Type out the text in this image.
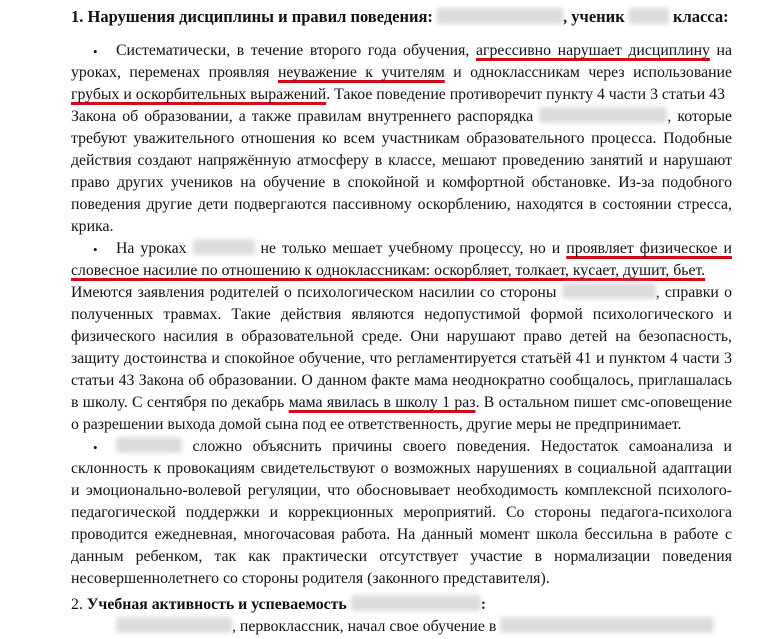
1. Нарушения дисциплины и правил поведения:	, ученик	класса:
• Систематически, в течение второго года обучения, агрессивно нарушает дисциплину на
уроках, переменах проявляя неуважение к учителям и одноклассникам через использование
грубых и оскорбительных выражений. Такое поведение противоречит пункту 4 части 3 статьи 43
Закона об образовании, а также правилам внутреннего распорядка	, которые
требуют уважительного отношения ко всем участникам образовательного процесса. Подобные
действия создают напряжённую атмосферу в классе, мешают проведению занятий и нарушают
право других учеников на обучение в спокойной и комфортной обстановке. Из-за подобного
поведения другие дети подвергаются пассивному оскорблению, находятся в состоянии стресса,
крика.
• На уроках	не только мешает учебному процессу, но и проявляет физическое и
словесное насилие по отношению к одноклассникам: оскорбляет, толкает, кусает, душит, бьет.
Имеются заявления родителей о психологическом насилии со стороны	, справки о
полученных травмах. Такие действия являются недопустимой формой психологического и
физического насилия в образовательной среде. Они нарушают право детей на безопасность,
защиту достоинства и спокойное обучение, что регламентируется статьёй 41 и пунктом 4 части 3
статьи 43 Закона об образовании. О данном факте мама неоднократно сообщалось, приглашалась
в школу. С сентября по декабрь мама явилась в школу 1 раз. В остальном пишет смс-оповещение
о разрешении выхода домой сына под ее ответственность, другие меры не предпринимает.
•	сложно объяснить причины своего поведения. Недостаток самоанализа и
склонность к провокациям свидетельствуют о возможных нарушениях в социальной адаптации
и эмоционально-волевой регуляции, что обосновывает необходимость комплексной психолого-
педагогической поддержки и коррекционных мероприятий. Со стороны педагога-психолога
проводится ежедневная, многочасовая работа. На данный момент школа бессильна в работе с
данным ребенком, так как практически отсутствует участие в нормализации поведения
несовершеннолетнего со стороны родителя (законного представителя).
2. Учебная активность и успеваемость	:
, первоклассник, начал свое обучение в
